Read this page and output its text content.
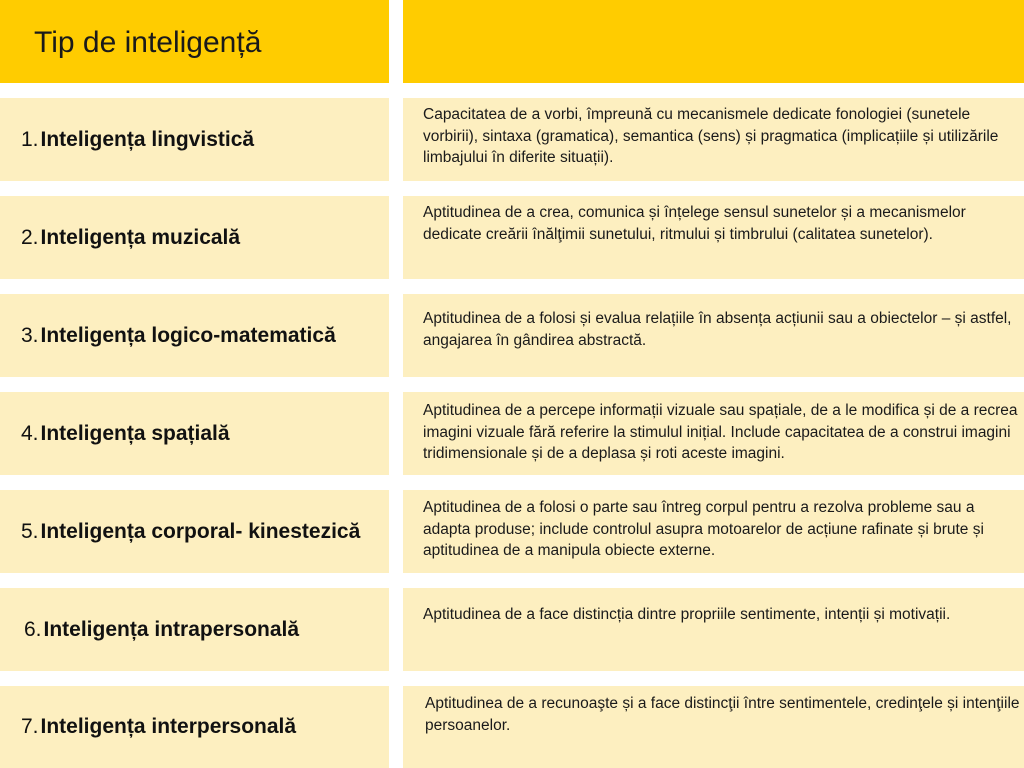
Tip de inteligență
1. Inteligența lingvistică
Capacitatea de a vorbi, împreună cu mecanismele dedicate fonologiei (sunetele vorbirii), sintaxa (gramatica), semantica (sens) și pragmatica (implicațiile și utilizările limbajului în diferite situații).
2. Inteligența muzicală
Aptitudinea de a crea, comunica și înțelege sensul sunetelor și a mecanismelor dedicate creării înălţimii sunetului, ritmului și timbrului (calitatea sunetelor).
3. Inteligența logico-matematică
Aptitudinea de a folosi și evalua relațiile în absența acțiunii sau a obiectelor – și astfel, angajarea în gândirea abstractă.
4. Inteligența spațială
Aptitudinea de a percepe informații vizuale sau spațiale, de a le modifica și de a recrea imagini vizuale fără referire la stimulul inițial. Include capacitatea de a construi imagini tridimensionale și de a deplasa și roti aceste imagini.
5. Inteligența corporal- kinestezică
Aptitudinea de a folosi o parte sau întreg corpul pentru a rezolva probleme sau a adapta produse; include controlul asupra motoarelor de acțiune rafinate și brute și aptitudinea de a manipula obiecte externe.
6. Inteligența intrapersonală
Aptitudinea de a face distincția dintre propriile sentimente, intenții și motivații.
7. Inteligența interpersonală
Aptitudinea de a recunoaşte și a face distincţii între sentimentele, credinţele și intenţiile persoanelor.
